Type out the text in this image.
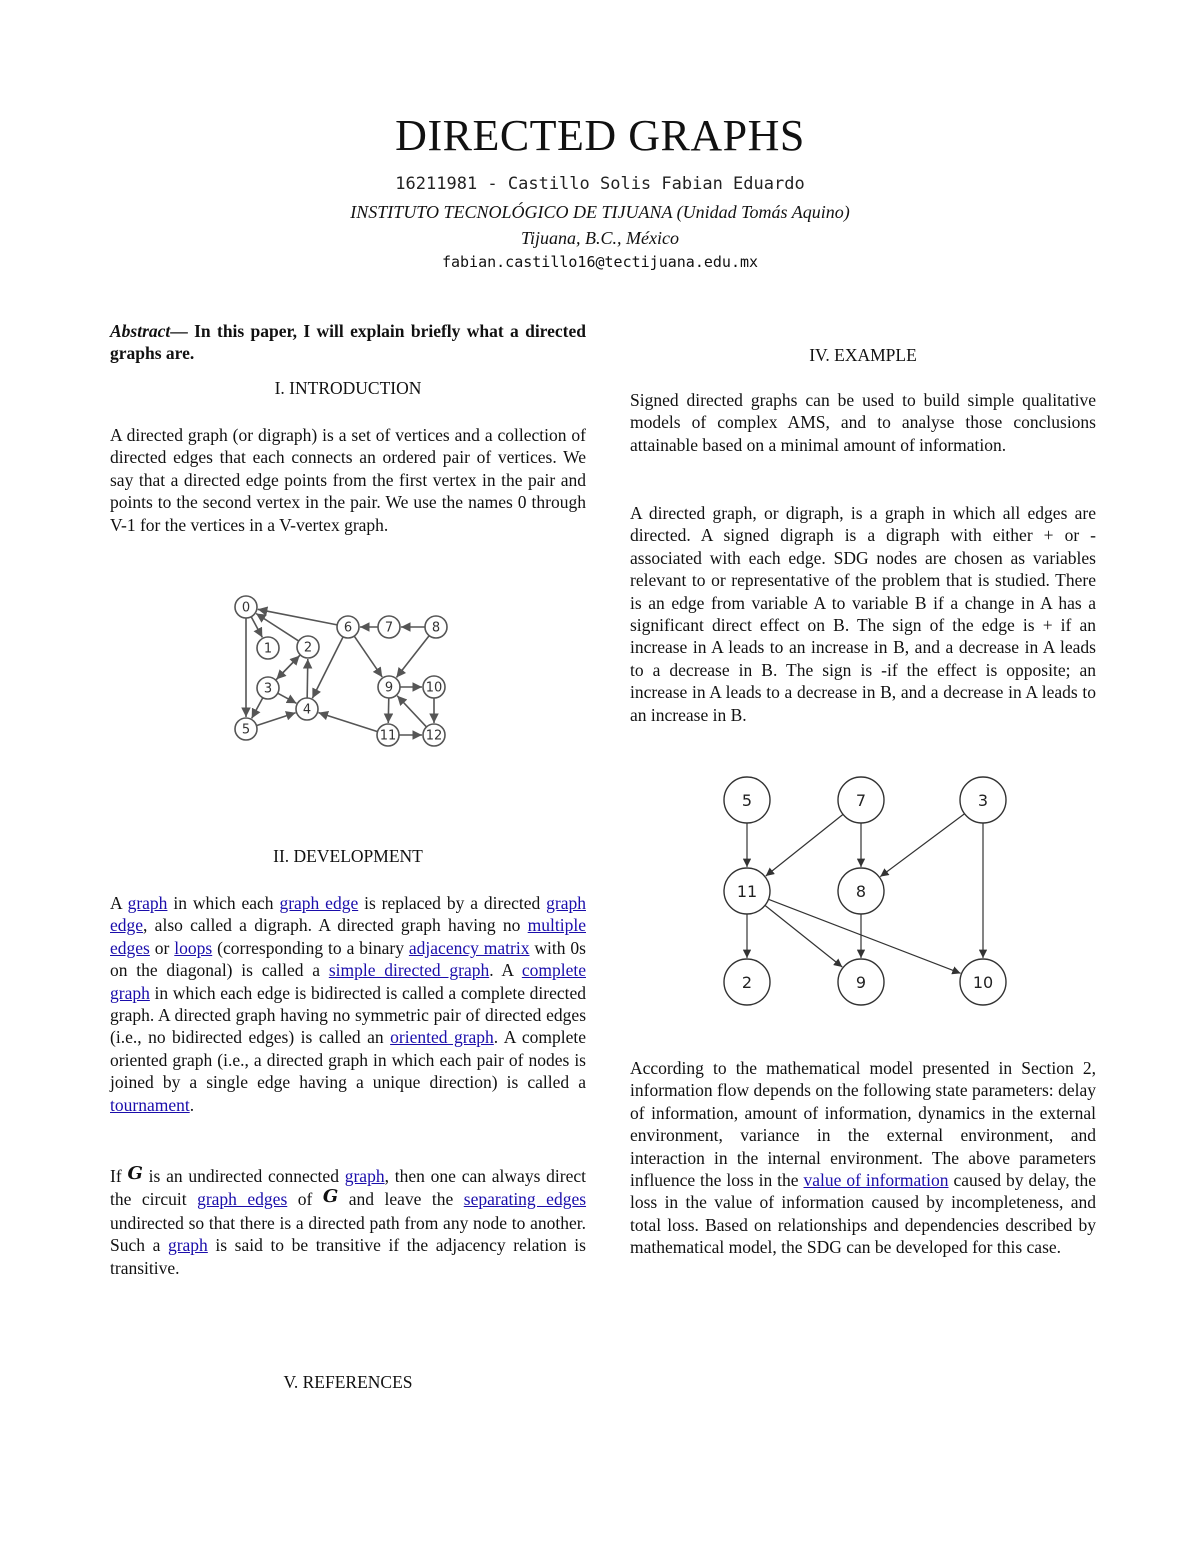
DIRECTED GRAPHS
16211981 - Castillo Solis Fabian Eduardo
INSTITUTO TECNOLÓGICO DE TIJUANA (Unidad Tomás Aquino)
Tijuana, B.C., México
fabian.castillo16@tectijuana.edu.mx
Abstract— In this paper, I will explain briefly what a directed graphs are.
I. INTRODUCTION
A directed graph (or digraph) is a set of vertices and a collection of directed edges that each connects an ordered pair of vertices. We say that a directed edge points from the first vertex in the pair and points to the second vertex in the pair. We use the names 0 through V-1 for the vertices in a V-vertex graph.
0
1 2
3
4
5
6	7	8
9	10
11 12
II. DEVELOPMENT
A graph in which each graph edge is replaced by a directed graph edge, also called a digraph. A directed graph having no multiple edges or loops (corresponding to a binary adjacency matrix with 0s on the diagonal) is called a simple directed graph. A complete graph in which each edge is bidirected is called a complete directed graph. A directed graph having no symmetric pair of directed edges (i.e., no bidirected edges) is called an oriented graph. A complete oriented graph (i.e., a directed graph in which each pair of nodes is joined by a single edge having a unique direction) is called a tournament.
If G is an undirected connected graph, then one can always direct the circuit graph edges of G and leave the separating edges undirected so that there is a directed path from any node to another. Such a graph is said to be transitive if the adjacency relation is transitive.
V. REFERENCES
IV. EXAMPLE
Signed directed graphs can be used to build simple qualitative models of complex AMS, and to analyse those conclusions attainable based on a minimal amount of information.
A directed graph, or digraph, is a graph in which all edges are directed. A signed digraph is a digraph with either + or - associated with each edge. SDG nodes are chosen as variables relevant to or representative of the problem that is studied. There is an edge from variable A to variable B if a change in A has a significant direct effect on B. The sign of the edge is + if an increase in A leads to an increase in B, and a decrease in A leads to a decrease in B. The sign is -if the effect is opposite; an increase in A leads to a decrease in B, and a decrease in A leads to an increase in B.
5	7	3
11	8
2	9	10
According to the mathematical model presented in Section 2, information flow depends on the following state parameters: delay of information, amount of information, dynamics in the external environment, variance in the external environment, and interaction in the internal environment. The above parameters influence the loss in the value of information caused by delay, the loss in the value of information caused by incompleteness, and total loss. Based on relationships and dependencies described by mathematical model, the SDG can be developed for this case.
